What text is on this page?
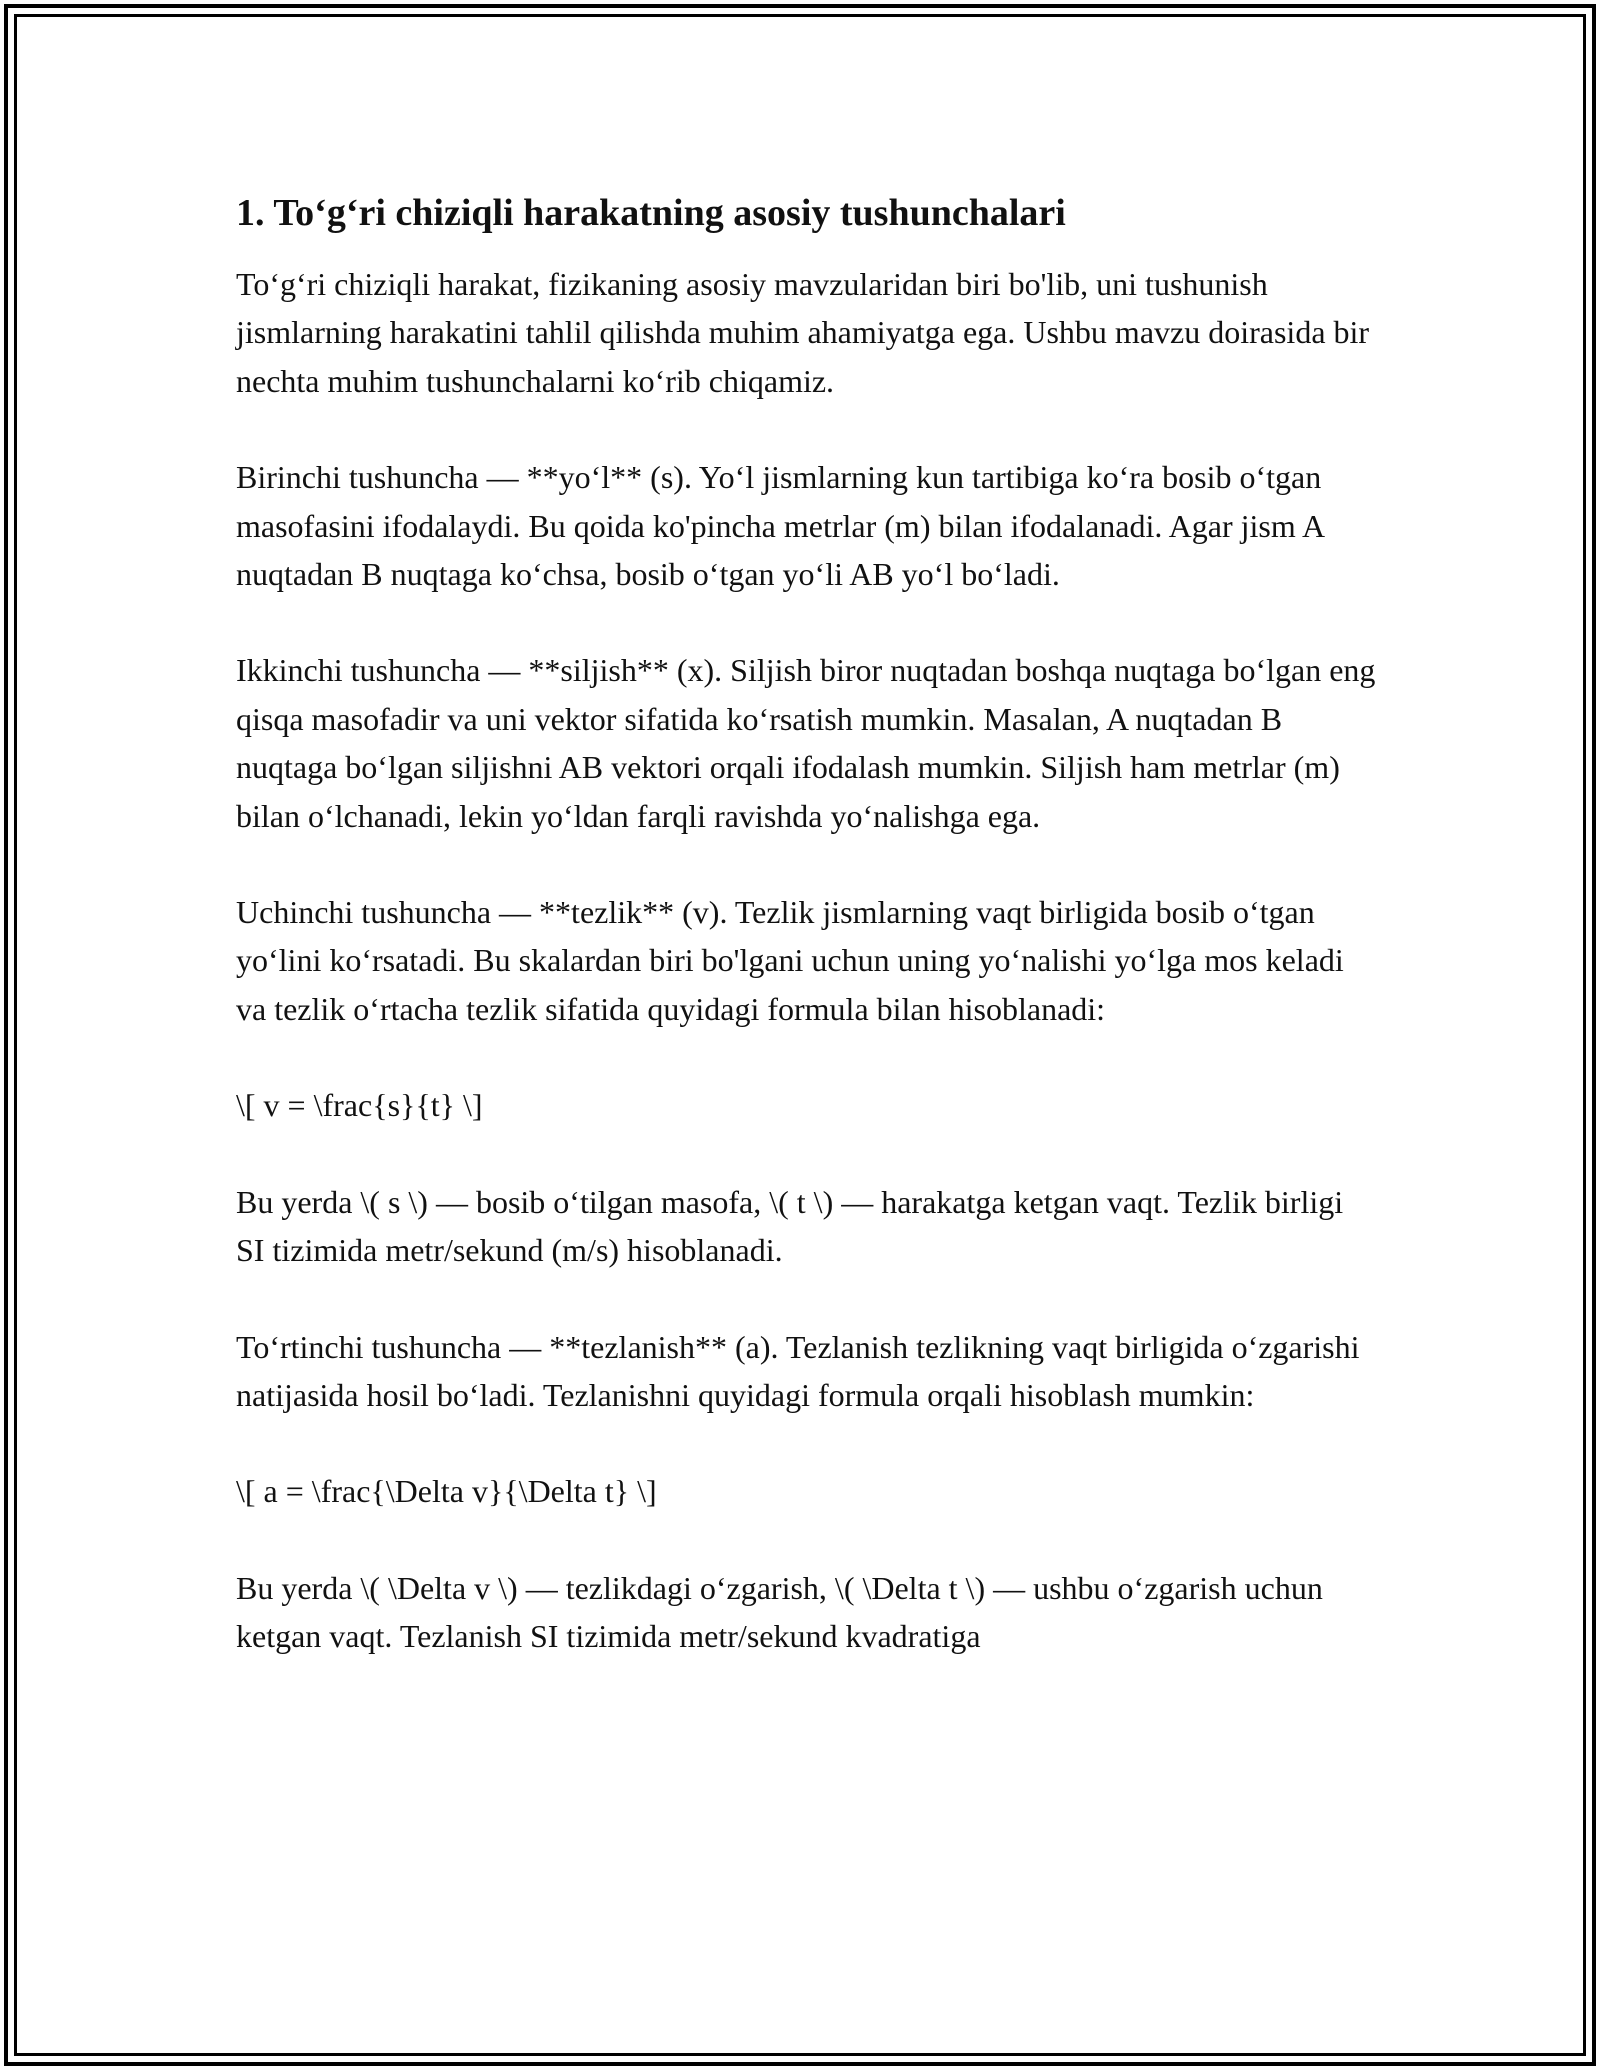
1. To‘g‘ri chiziqli harakatning asosiy tushunchalari

To‘g‘ri chiziqli harakat, fizikaning asosiy mavzularidan biri bo'lib, uni tushunish jismlarning harakatini tahlil qilishda muhim ahamiyatga ega. Ushbu mavzu doirasida bir nechta muhim tushunchalarni ko‘rib chiqamiz.

Birinchi tushuncha — **yo‘l** (s). Yo‘l jismlarning kun tartibiga ko‘ra bosib o‘tgan masofasini ifodalaydi. Bu qoida ko'pincha metrlar (m) bilan ifodalanadi. Agar jism A nuqtadan B nuqtaga ko‘chsa, bosib o‘tgan yo‘li AB yo‘l bo‘ladi.

Ikkinchi tushuncha — **siljish** (x). Siljish biror nuqtadan boshqa nuqtaga bo‘lgan eng qisqa masofadir va uni vektor sifatida ko‘rsatish mumkin. Masalan, A nuqtadan B nuqtaga bo‘lgan siljishni AB vektori orqali ifodalash mumkin. Siljish ham metrlar (m) bilan o‘lchanadi, lekin yo‘ldan farqli ravishda yo‘nalishga ega.

Uchinchi tushuncha — **tezlik** (v). Tezlik jismlarning vaqt birligida bosib o‘tgan yo‘lini ko‘rsatadi. Bu skalardan biri bo'lgani uchun uning yo‘nalishi yo‘lga mos keladi va tezlik o‘rtacha tezlik sifatida quyidagi formula bilan hisoblanadi:

\[ v = \frac{s}{t} \]

Bu yerda \( s \) — bosib o‘tilgan masofa, \( t \) — harakatga ketgan vaqt. Tezlik birligi SI tizimida metr/sekund (m/s) hisoblanadi.

To‘rtinchi tushuncha — **tezlanish** (a). Tezlanish tezlikning vaqt birligida o‘zgarishi natijasida hosil bo‘ladi. Tezlanishni quyidagi formula orqali hisoblash mumkin:

\[ a = \frac{\Delta v}{\Delta t} \]

Bu yerda \( \Delta v \) — tezlikdagi o‘zgarish, \( \Delta t \) — ushbu o‘zgarish uchun ketgan vaqt. Tezlanish SI tizimida metr/sekund kvadratiga
